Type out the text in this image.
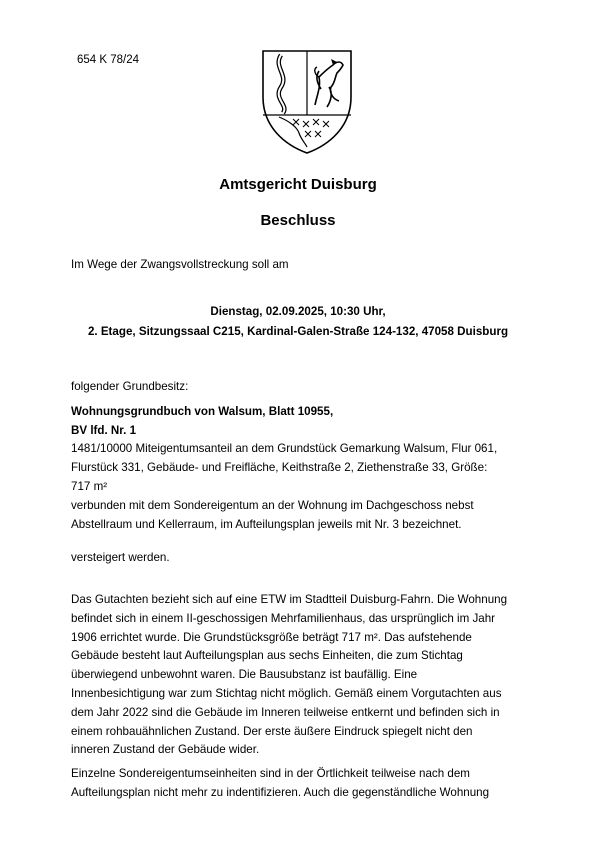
654 K 78/24
Amtsgericht Duisburg
Beschluss
Im Wege der Zwangsvollstreckung soll am
Dienstag, 02.09.2025, 10:30 Uhr,
2. Etage, Sitzungssaal C215, Kardinal-Galen-Straße 124-132, 47058 Duisburg
folgender Grundbesitz:
Wohnungsgrundbuch von Walsum, Blatt 10955,
BV lfd. Nr. 1
1481/10000 Miteigentumsanteil an dem Grundstück Gemarkung Walsum, Flur 061,
Flurstück 331, Gebäude- und Freifläche, Keithstraße 2, Ziethenstraße 33, Größe:
717 m²
verbunden mit dem Sondereigentum an der Wohnung im Dachgeschoss nebst
Abstellraum und Kellerraum, im Aufteilungsplan jeweils mit Nr. 3 bezeichnet.
versteigert werden.
Das Gutachten bezieht sich auf eine ETW im Stadtteil Duisburg-Fahrn. Die Wohnung
befindet sich in einem II-geschossigen Mehrfamilienhaus, das ursprünglich im Jahr
1906 errichtet wurde. Die Grundstücksgröße beträgt 717 m². Das aufstehende
Gebäude besteht laut Aufteilungsplan aus sechs Einheiten, die zum Stichtag
überwiegend unbewohnt waren. Die Bausubstanz ist baufällig. Eine
Innenbesichtigung war zum Stichtag nicht möglich. Gemäß einem Vorgutachten aus
dem Jahr 2022 sind die Gebäude im Inneren teilweise entkernt und befinden sich in
einem rohbauähnlichen Zustand. Der erste äußere Eindruck spiegelt nicht den
inneren Zustand der Gebäude wider.
Einzelne Sondereigentumseinheiten sind in der Örtlichkeit teilweise nach dem
Aufteilungsplan nicht mehr zu indentifizieren. Auch die gegenständliche Wohnung
